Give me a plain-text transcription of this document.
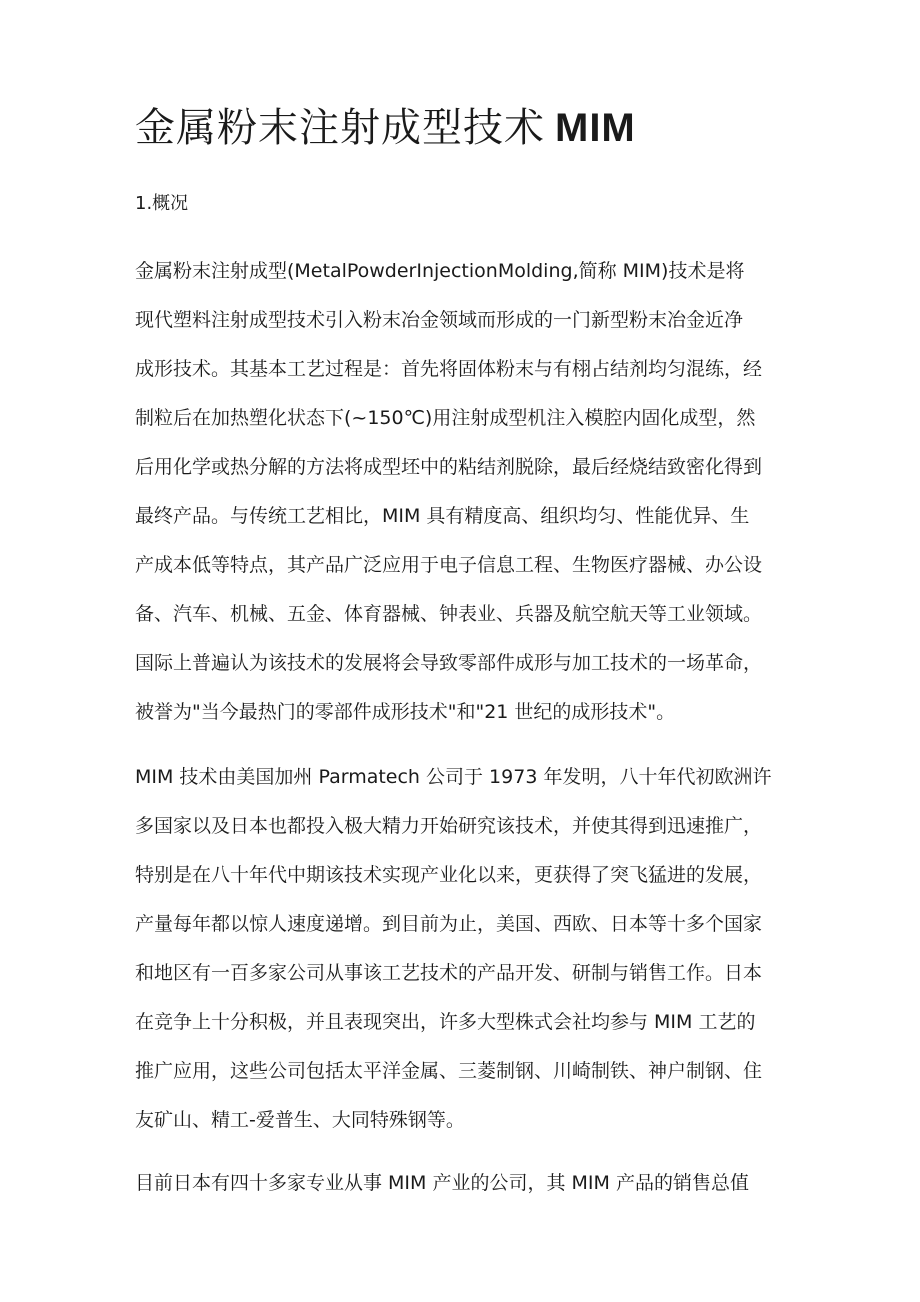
金属粉末注射成型技术 MIM
1.概况
金属粉末注射成型(MetalPowderInjectionMolding,简称 MIM)技术是将
现代塑料注射成型技术引入粉末冶金领域而形成的一门新型粉末冶金近净
成形技术。其基本工艺过程是：首先将固体粉末与有栩占结剂均匀混练，经
制粒后在加热塑化状态下(~150℃)用注射成型机注入模腔内固化成型，然
后用化学或热分解的方法将成型坯中的粘结剂脱除，最后经烧结致密化得到
最终产品。与传统工艺相比，MIM 具有精度高、组织均匀、性能优异、生
产成本低等特点，其产品广泛应用于电子信息工程、生物医疗器械、办公设
备、汽车、机械、五金、体育器械、钟表业、兵器及航空航天等工业领域。
国际上普遍认为该技术的发展将会导致零部件成形与加工技术的一场革命，
被誉为"当今最热门的零部件成形技术"和"21 世纪的成形技术"。
MIM 技术由美国加州 Parmatech 公司于 1973 年发明，八十年代初欧洲许
多国家以及日本也都投入极大精力开始研究该技术，并使其得到迅速推广，
特别是在八十年代中期该技术实现产业化以来，更获得了突飞猛进的发展，
产量每年都以惊人速度递增。到目前为止，美国、西欧、日本等十多个国家
和地区有一百多家公司从事该工艺技术的产品开发、研制与销售工作。日本
在竞争上十分积极，并且表现突出，许多大型株式会社均参与 MIM 工艺的
推广应用，这些公司包括太平洋金属、三菱制钢、川崎制铁、神户制钢、住
友矿山、精工-爱普生、大同特殊钢等。
目前日本有四十多家专业从事 MIM 产业的公司，其 MIM 产品的销售总值
